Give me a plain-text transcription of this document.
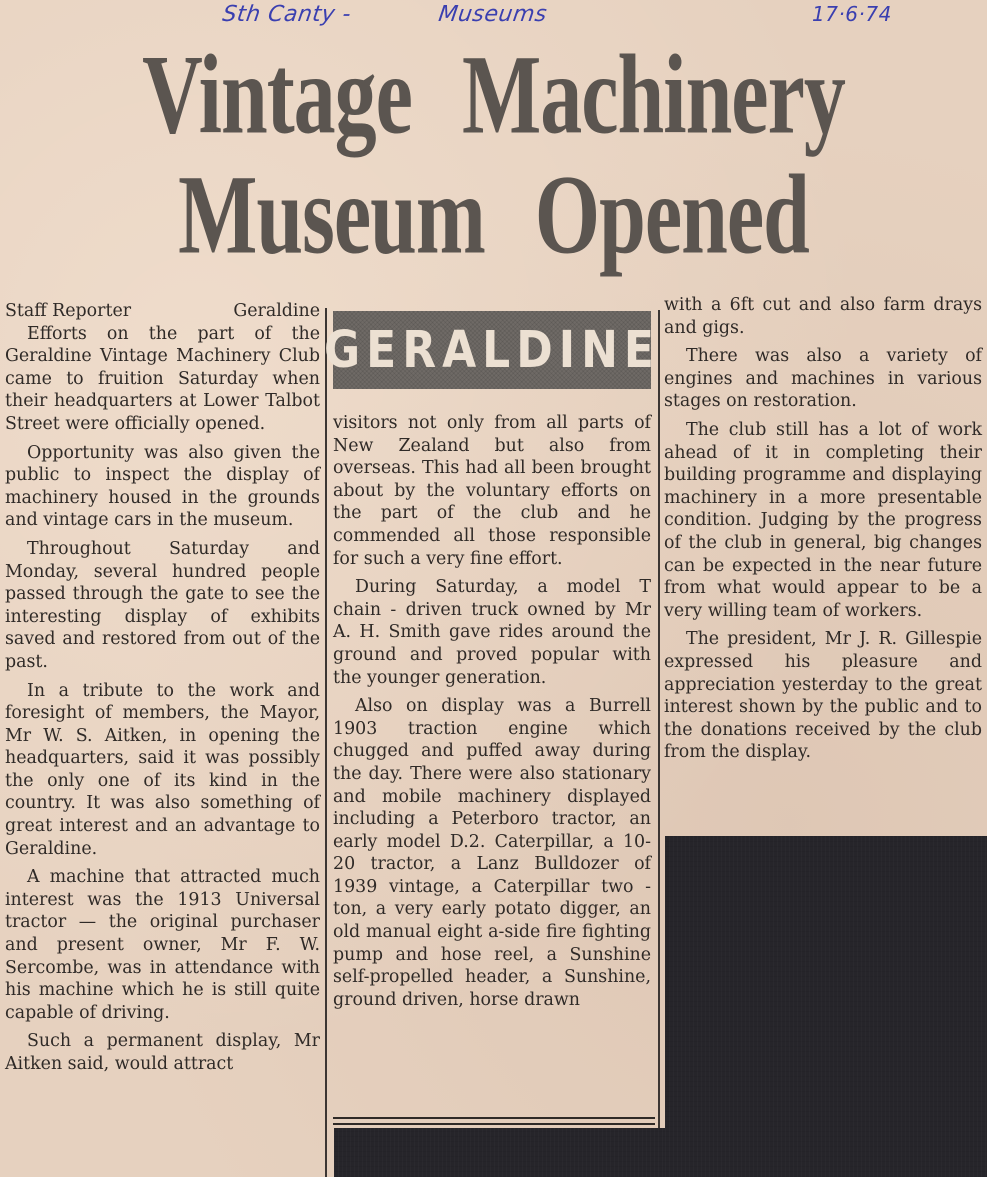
Sth Canty -	Museums	17·6·74
Vintage Machinery
Museum Opened
Staff Reporter	Geraldine

Efforts on the part of the Geraldine Vintage Machinery Club came to fruition Saturday when their headquarters at Lower Talbot Street were officially opened.

Opportunity was also given the public to inspect the display of machinery housed in the grounds and vintage cars in the museum.

Throughout Saturday and Monday, several hundred people passed through the gate to see the interesting display of exhibits saved and restored from out of the past.

In a tribute to the work and foresight of members, the Mayor, Mr W. S. Aitken, in opening the headquarters, said it was possibly the only one of its kind in the country. It was also something of great interest and an advantage to Geraldine.

A machine that attracted much interest was the 1913 Universal tractor — the original purchaser and present owner, Mr F. W. Sercombe, was in attendance with his machine which he is still quite capable of driving.

Such a permanent display, Mr Aitken said, would attract

GERALDINE

visitors not only from all parts of New Zealand but also from overseas. This had all been brought about by the voluntary efforts on the part of the club and he commended all those responsible for such a very fine effort.

During Saturday, a model T chain - driven truck owned by Mr A. H. Smith gave rides around the ground and proved popular with the younger generation.

Also on display was a Burrell 1903 traction engine which chugged and puffed away during the day. There were also stationary and mobile machinery displayed including a Peterboro tractor, an early model D.2. Caterpillar, a 10-20 tractor, a Lanz Bulldozer of 1939 vintage, a Caterpillar two - ton, a very early potato digger, an old manual eight a-side fire fighting pump and hose reel, a Sunshine self-propelled header, a Sunshine, ground driven, horse drawn

with a 6ft cut and also farm drays and gigs.

There was also a variety of engines and machines in various stages on restoration.

The club still has a lot of work ahead of it in completing their building programme and displaying machinery in a more presentable condition. Judging by the progress of the club in general, big changes can be expected in the near future from what would appear to be a very willing team of workers.

The president, Mr J. R. Gillespie expressed his pleasure and appreciation yesterday to the great interest shown by the public and to the donations received by the club from the display.
